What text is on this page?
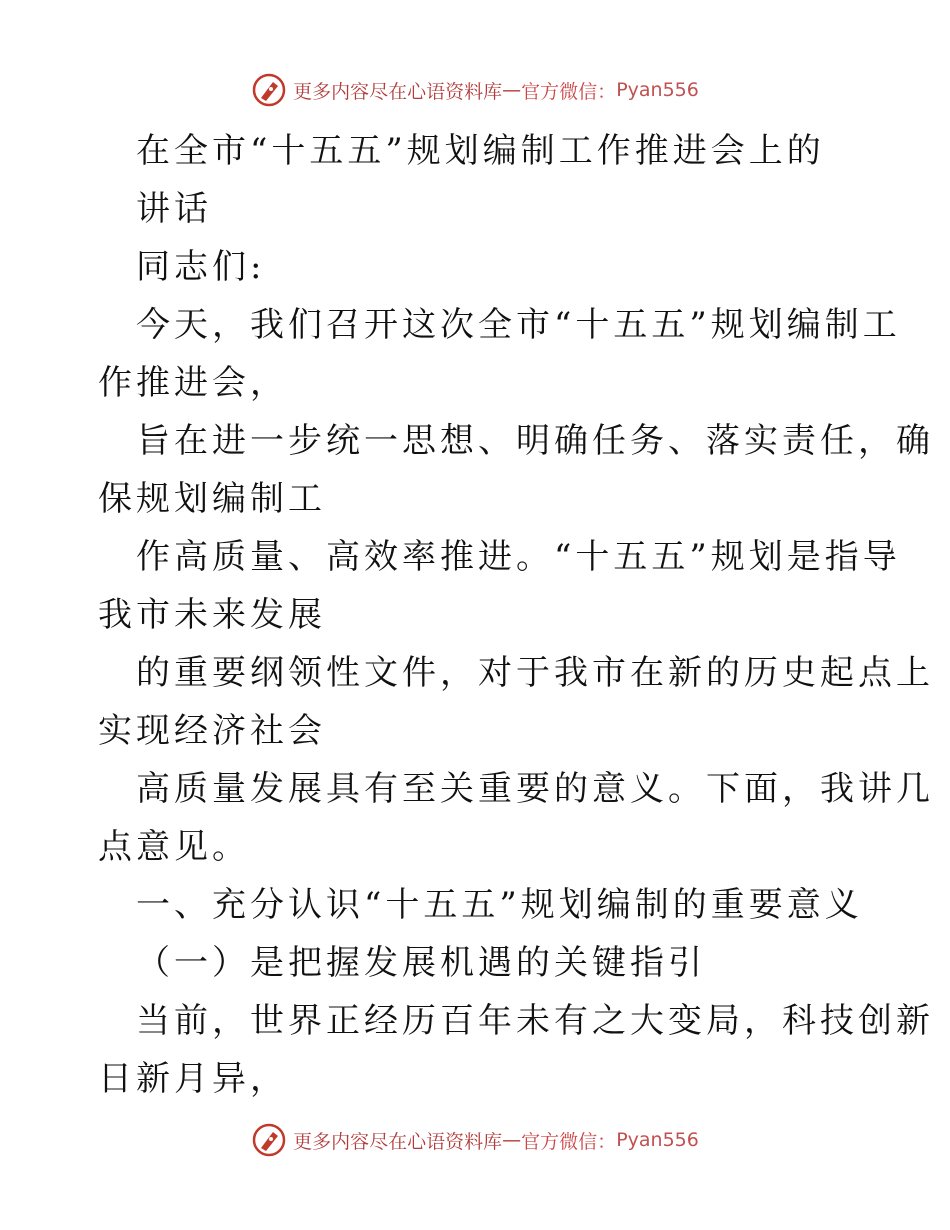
更多内容尽在心语资料库 — 官方微信： Pyan556
在全市“十五五”规划编制工作推进会上的
讲话
同志们:
今天，我们召开这次全市“十五五”规划编制工
作推进会，
旨在进一步统一思想、明确任务、落实责任，确
保规划编制工
作高质量、高效率推进。“十五五”规划是指导
我市未来发展
的重要纲领性文件，对于我市在新的历史起点上
实现经济社会
高质量发展具有至关重要的意义。下面，我讲几
点意见。
一、充分认识“十五五”规划编制的重要意义
（一）是把握发展机遇的关键指引
当前，世界正经历百年未有之大变局，科技创新
日新月异，
更多内容尽在心语资料库 — 官方微信： Pyan556
